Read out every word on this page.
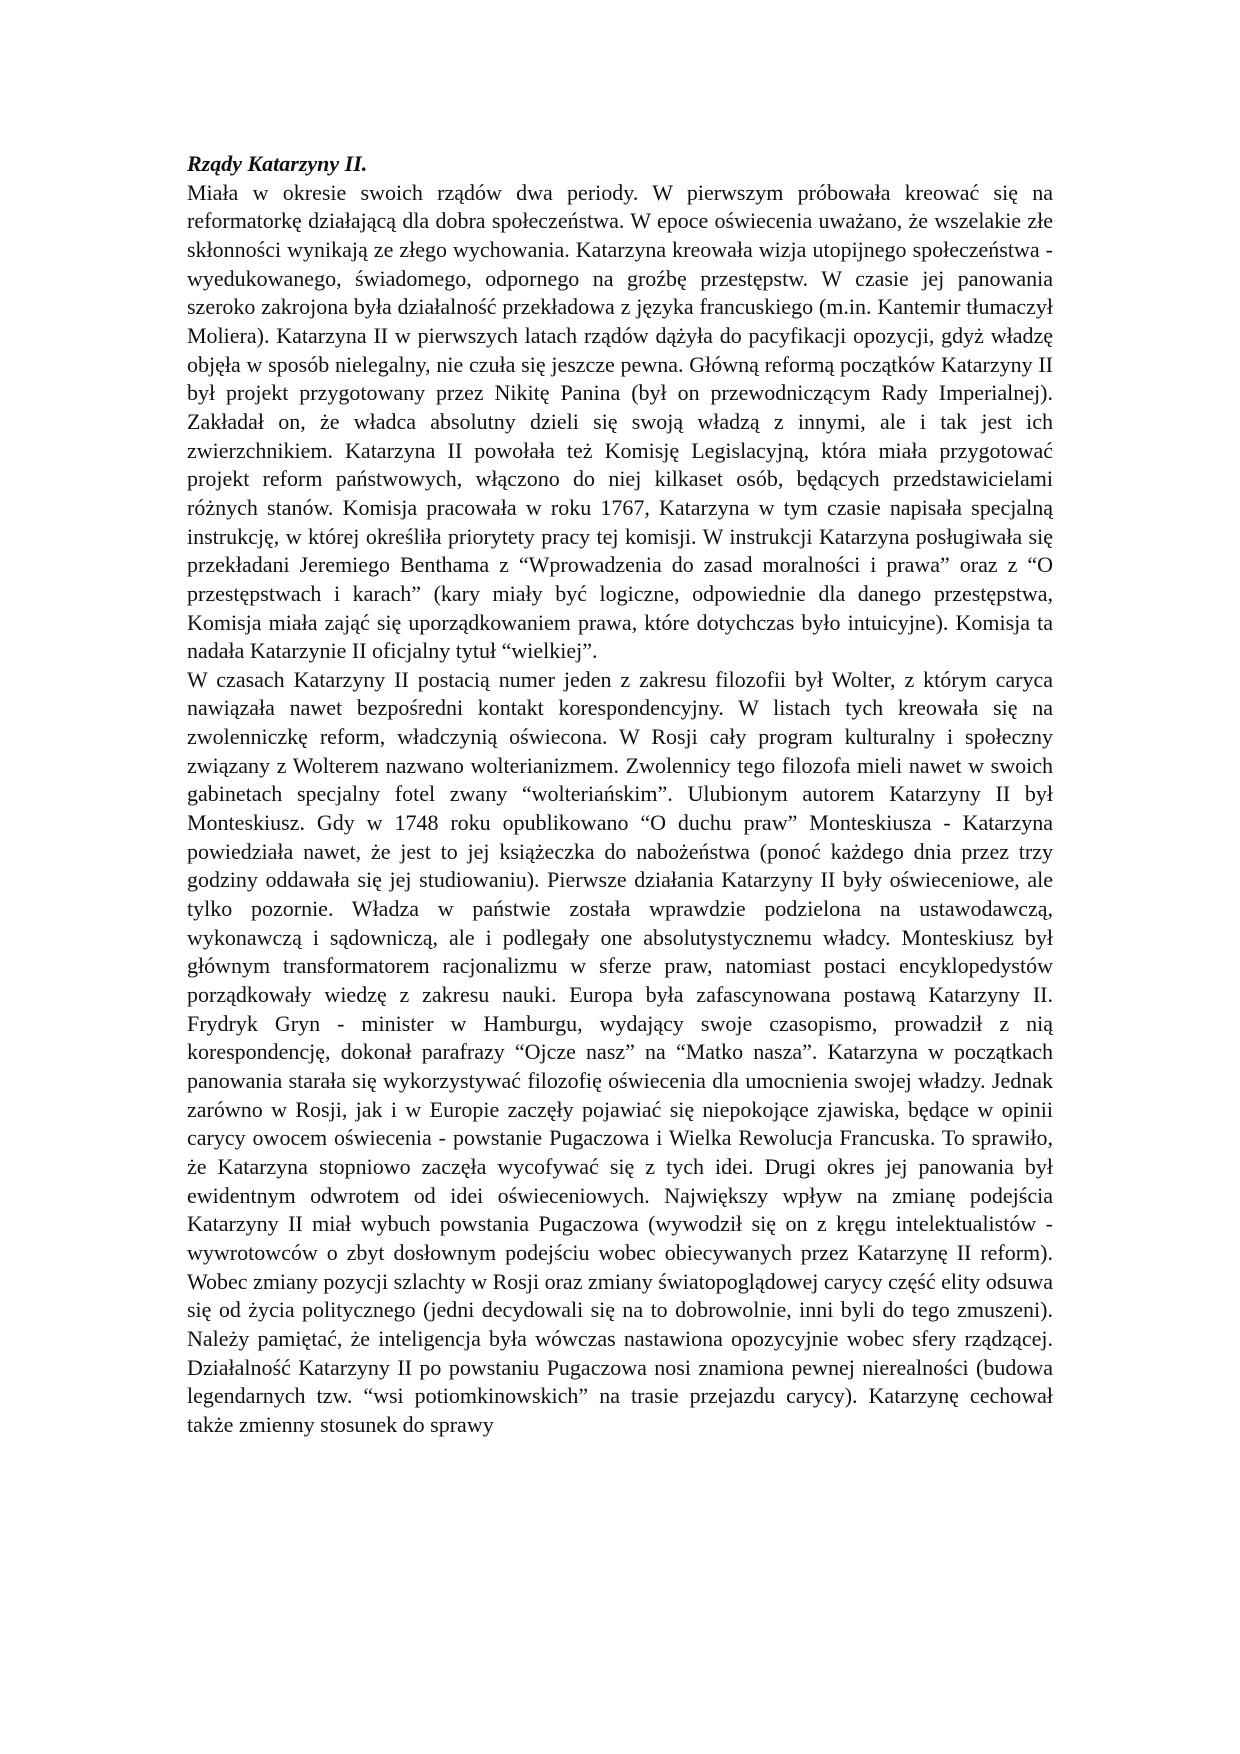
Rządy Katarzyny II.

Miała w okresie swoich rządów dwa periody. W pierwszym próbowała kreować się na reformatorkę działającą dla dobra społeczeństwa. W epoce oświecenia uważano, że wszelakie złe skłonności wynikają ze złego wychowania. Katarzyna kreowała wizja utopijnego społeczeństwa - wyedukowanego, świadomego, odpornego na groźbę przestępstw. W czasie jej panowania szeroko zakrojona była działalność przekładowa z języka francuskiego (m.in. Kantemir tłumaczył Moliera). Katarzyna II w pierwszych latach rządów dążyła do pacyfikacji opozycji, gdyż władzę objęła w sposób nielegalny, nie czuła się jeszcze pewna. Główną reformą początków Katarzyny II był projekt przygotowany przez Nikitę Panina (był on przewodniczącym Rady Imperialnej). Zakładał on, że władca absolutny dzieli się swoją władzą z innymi, ale i tak jest ich zwierzchnikiem. Katarzyna II powołała też Komisję Legislacyjną, która miała przygotować projekt reform państwowych, włączono do niej kilkaset osób, będących przedstawicielami różnych stanów. Komisja pracowała w roku 1767, Katarzyna w tym czasie napisała specjalną instrukcję, w której określiła priorytety pracy tej komisji. W instrukcji Katarzyna posługiwała się przekładani Jeremiego Benthama z “Wprowadzenia do zasad moralności i prawa” oraz z “O przestępstwach i karach” (kary miały być logiczne, odpowiednie dla danego przestępstwa, Komisja miała zająć się uporządkowaniem prawa, które dotychczas było intuicyjne). Komisja ta nadała Katarzynie II oficjalny tytuł “wielkiej”.

W czasach Katarzyny II postacią numer jeden z zakresu filozofii był Wolter, z którym caryca nawiązała nawet bezpośredni kontakt korespondencyjny. W listach tych kreowała się na zwolenniczkę reform, władczynią oświecona. W Rosji cały program kulturalny i społeczny związany z Wolterem nazwano wolterianizmem. Zwolennicy tego filozofa mieli nawet w swoich gabinetach specjalny fotel zwany “wolteriańskim”. Ulubionym autorem Katarzyny II był Monteskiusz. Gdy w 1748 roku opublikowano “O duchu praw” Monteskiusza - Katarzyna powiedziała nawet, że jest to jej książeczka do nabożeństwa (ponoć każdego dnia przez trzy godziny oddawała się jej studiowaniu). Pierwsze działania Katarzyny II były oświeceniowe, ale tylko pozornie. Władza w państwie została wprawdzie podzielona na ustawodawczą, wykonawczą i sądowniczą, ale i podlegały one absolutystycznemu władcy. Monteskiusz był głównym transformatorem racjonalizmu w sferze praw, natomiast postaci encyklopedystów porządkowały wiedzę z zakresu nauki. Europa była zafascynowana postawą Katarzyny II. Frydryk Gryn - minister w Hamburgu, wydający swoje czasopismo, prowadził z nią korespondencję, dokonał parafrazy “Ojcze nasz” na “Matko nasza”. Katarzyna w początkach panowania starała się wykorzystywać filozofię oświecenia dla umocnienia swojej władzy. Jednak zarówno w Rosji, jak i w Europie zaczęły pojawiać się niepokojące zjawiska, będące w opinii carycy owocem oświecenia - powstanie Pugaczowa i Wielka Rewolucja Francuska. To sprawiło, że Katarzyna stopniowo zaczęła wycofywać się z tych idei. Drugi okres jej panowania był ewidentnym odwrotem od idei oświeceniowych. Największy wpływ na zmianę podejścia Katarzyny II miał wybuch powstania Pugaczowa (wywodził się on z kręgu intelektualistów - wywrotowców o zbyt dosłownym podejściu wobec obiecywanych przez Katarzynę II reform). Wobec zmiany pozycji szlachty w Rosji oraz zmiany światopoglądowej carycy część elity odsuwa się od życia politycznego (jedni decydowali się na to dobrowolnie, inni byli do tego zmuszeni). Należy pamiętać, że inteligencja była wówczas nastawiona opozycyjnie wobec sfery rządzącej. Działalność Katarzyny II po powstaniu Pugaczowa nosi znamiona pewnej nierealności (budowa legendarnych tzw. “wsi potiomkinowskich” na trasie przejazdu carycy). Katarzynę cechował także zmienny stosunek do sprawy
